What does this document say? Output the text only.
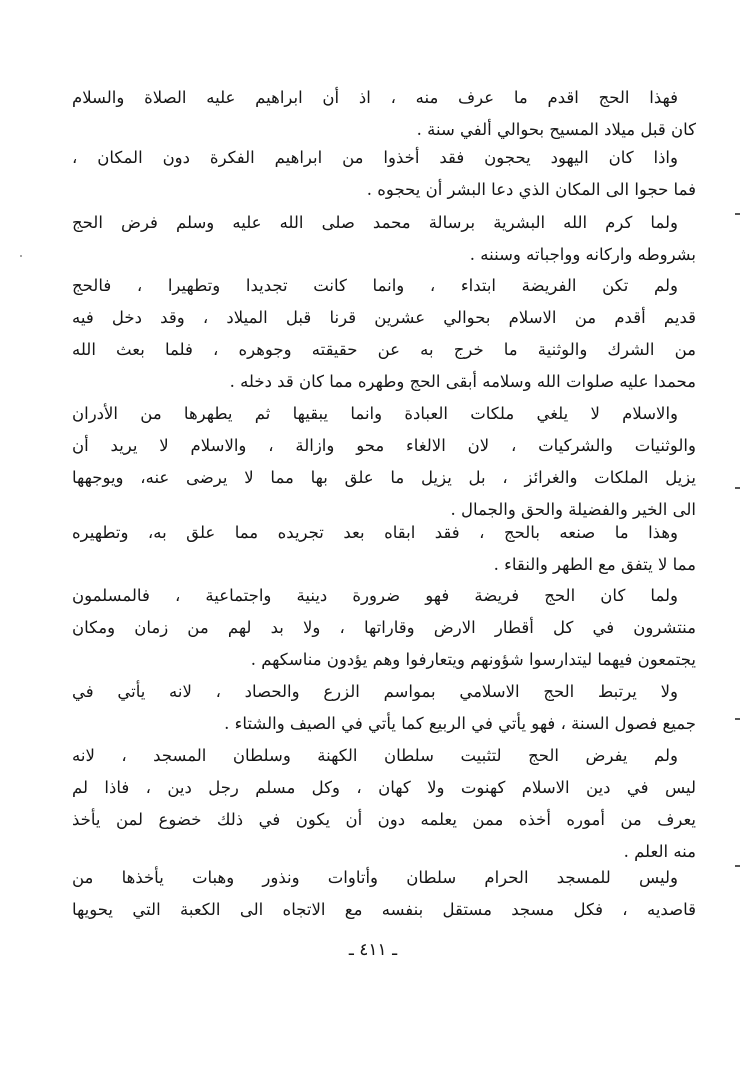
فهذا الحج اقدم ما عرف منه ، اذ أن ابراهيم عليه الصلاة والسلام
كان قبل ميلاد المسيح بحوالي ألفي سنة .
واذا كان اليهود يحجون فقد أخذوا من ابراهيم الفكرة دون المكان ،
فما حجوا الى المكان الذي دعا البشر أن يحجوه .
ولما كرم الله البشرية برسالة محمد صلى الله عليه وسلم فرض الحج
بشروطه واركانه وواجباته وسننه .
ولم تكن الفريضة ابتداء ، وانما كانت تجديدا وتطهيرا ، فالحج
قديم أقدم من الاسلام بحوالي عشرين قرنا قبل الميلاد ، وقد دخل فيه
من الشرك والوثنية ما خرج به عن حقيقته وجوهره ، فلما بعث الله
محمدا عليه صلوات الله وسلامه أبقى الحج وطهره مما كان قد دخله .
والاسلام لا يلغي ملكات العبادة وانما يبقيها ثم يطهرها من الأدران
والوثنيات والشركيات ، لان الالغاء محو وازالة ، والاسلام لا يريد أن
يزيل الملكات والغرائز ، بل يزيل ما علق بها مما لا يرضى عنه، ويوجهها
الى الخير والفضيلة والحق والجمال .
وهذا ما صنعه بالحج ، فقد ابقاه بعد تجريده مما علق به، وتطهيره
مما لا يتفق مع الطهر والنقاء .
ولما كان الحج فريضة فهو ضرورة دينية واجتماعية ، فالمسلمون
منتشرون في كل أقطار الارض وقاراتها ، ولا بد لهم من زمان ومكان
يجتمعون فيهما ليتدارسوا شؤونهم ويتعارفوا وهم يؤدون مناسكهم .
ولا يرتبط الحج الاسلامي بمواسم الزرع والحصاد ، لانه يأتي في
جميع فصول السنة ، فهو يأتي في الربيع كما يأتي في الصيف والشتاء .
ولم يفرض الحج لتثبيت سلطان الكهنة وسلطان المسجد ، لانه
ليس في دين الاسلام كهنوت ولا كهان ، وكل مسلم رجل دين ، فاذا لم
يعرف من أموره أخذه ممن يعلمه دون أن يكون في ذلك خضوع لمن يأخذ
منه العلم .
وليس للمسجد الحرام سلطان وأتاوات ونذور وهبات يأخذها من
قاصديه ، فكل مسجد مستقل بنفسه مع الاتجاه الى الكعبة التي يحويها
ـ ٤١١ ـ
